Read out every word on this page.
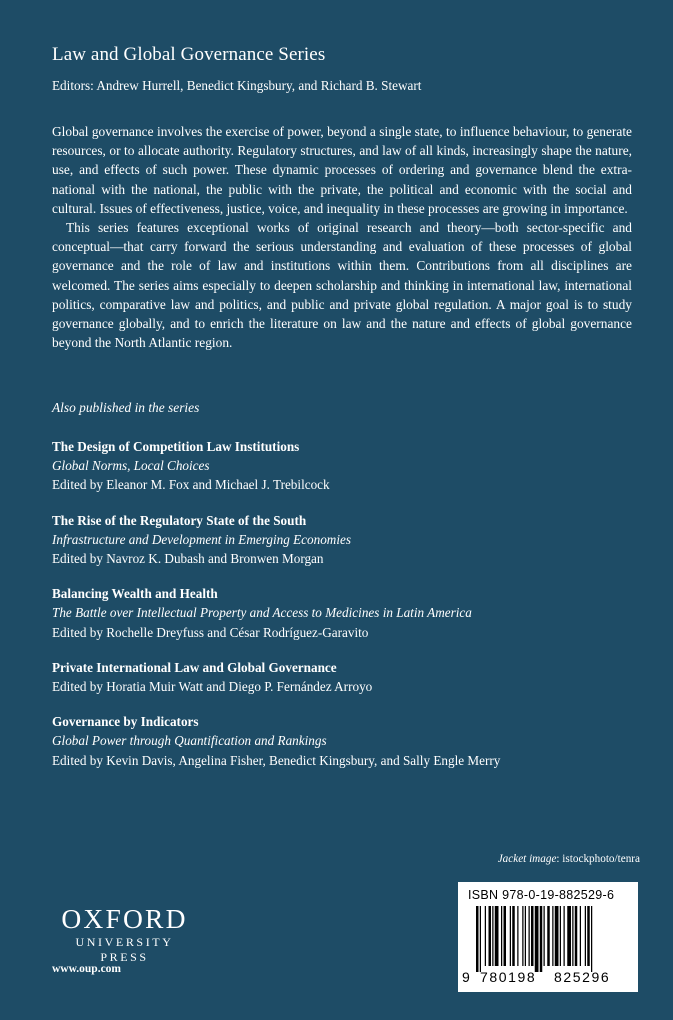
Law and Global Governance Series
Editors: Andrew Hurrell, Benedict Kingsbury, and Richard B. Stewart

Global governance involves the exercise of power, beyond a single state, to influence behaviour, to generate resources, or to allocate authority. Regulatory structures, and law of all kinds, increasingly shape the nature, use, and effects of such power. These dynamic processes of ordering and governance blend the extra-national with the national, the public with the private, the political and economic with the social and cultural. Issues of effectiveness, justice, voice, and inequality in these processes are growing in importance.

This series features exceptional works of original research and theory—both sector-specific and conceptual—that carry forward the serious understanding and evaluation of these processes of global governance and the role of law and institutions within them. Contributions from all disciplines are welcomed. The series aims especially to deepen scholarship and thinking in international law, international politics, comparative law and politics, and public and private global regulation. A major goal is to study governance globally, and to enrich the literature on law and the nature and effects of global governance beyond the North Atlantic region.

Also published in the series
The Design of Competition Law Institutions
Global Norms, Local Choices
Edited by Eleanor M. Fox and Michael J. Trebilcock
The Rise of the Regulatory State of the South
Infrastructure and Development in Emerging Economies
Edited by Navroz K. Dubash and Bronwen Morgan
Balancing Wealth and Health
The Battle over Intellectual Property and Access to Medicines in Latin America
Edited by Rochelle Dreyfuss and César Rodríguez-Garavito
Private International Law and Global Governance
Edited by Horatia Muir Watt and Diego P. Fernández Arroyo
Governance by Indicators
Global Power through Quantification and Rankings
Edited by Kevin Davis, Angelina Fisher, Benedict Kingsbury, and Sally Engle Merry
Jacket image: istockphoto/tenra
OXFORD
UNIVERSITY PRESS
www.oup.com
ISBN 978-0-19-882529-6
9 780198 825296
